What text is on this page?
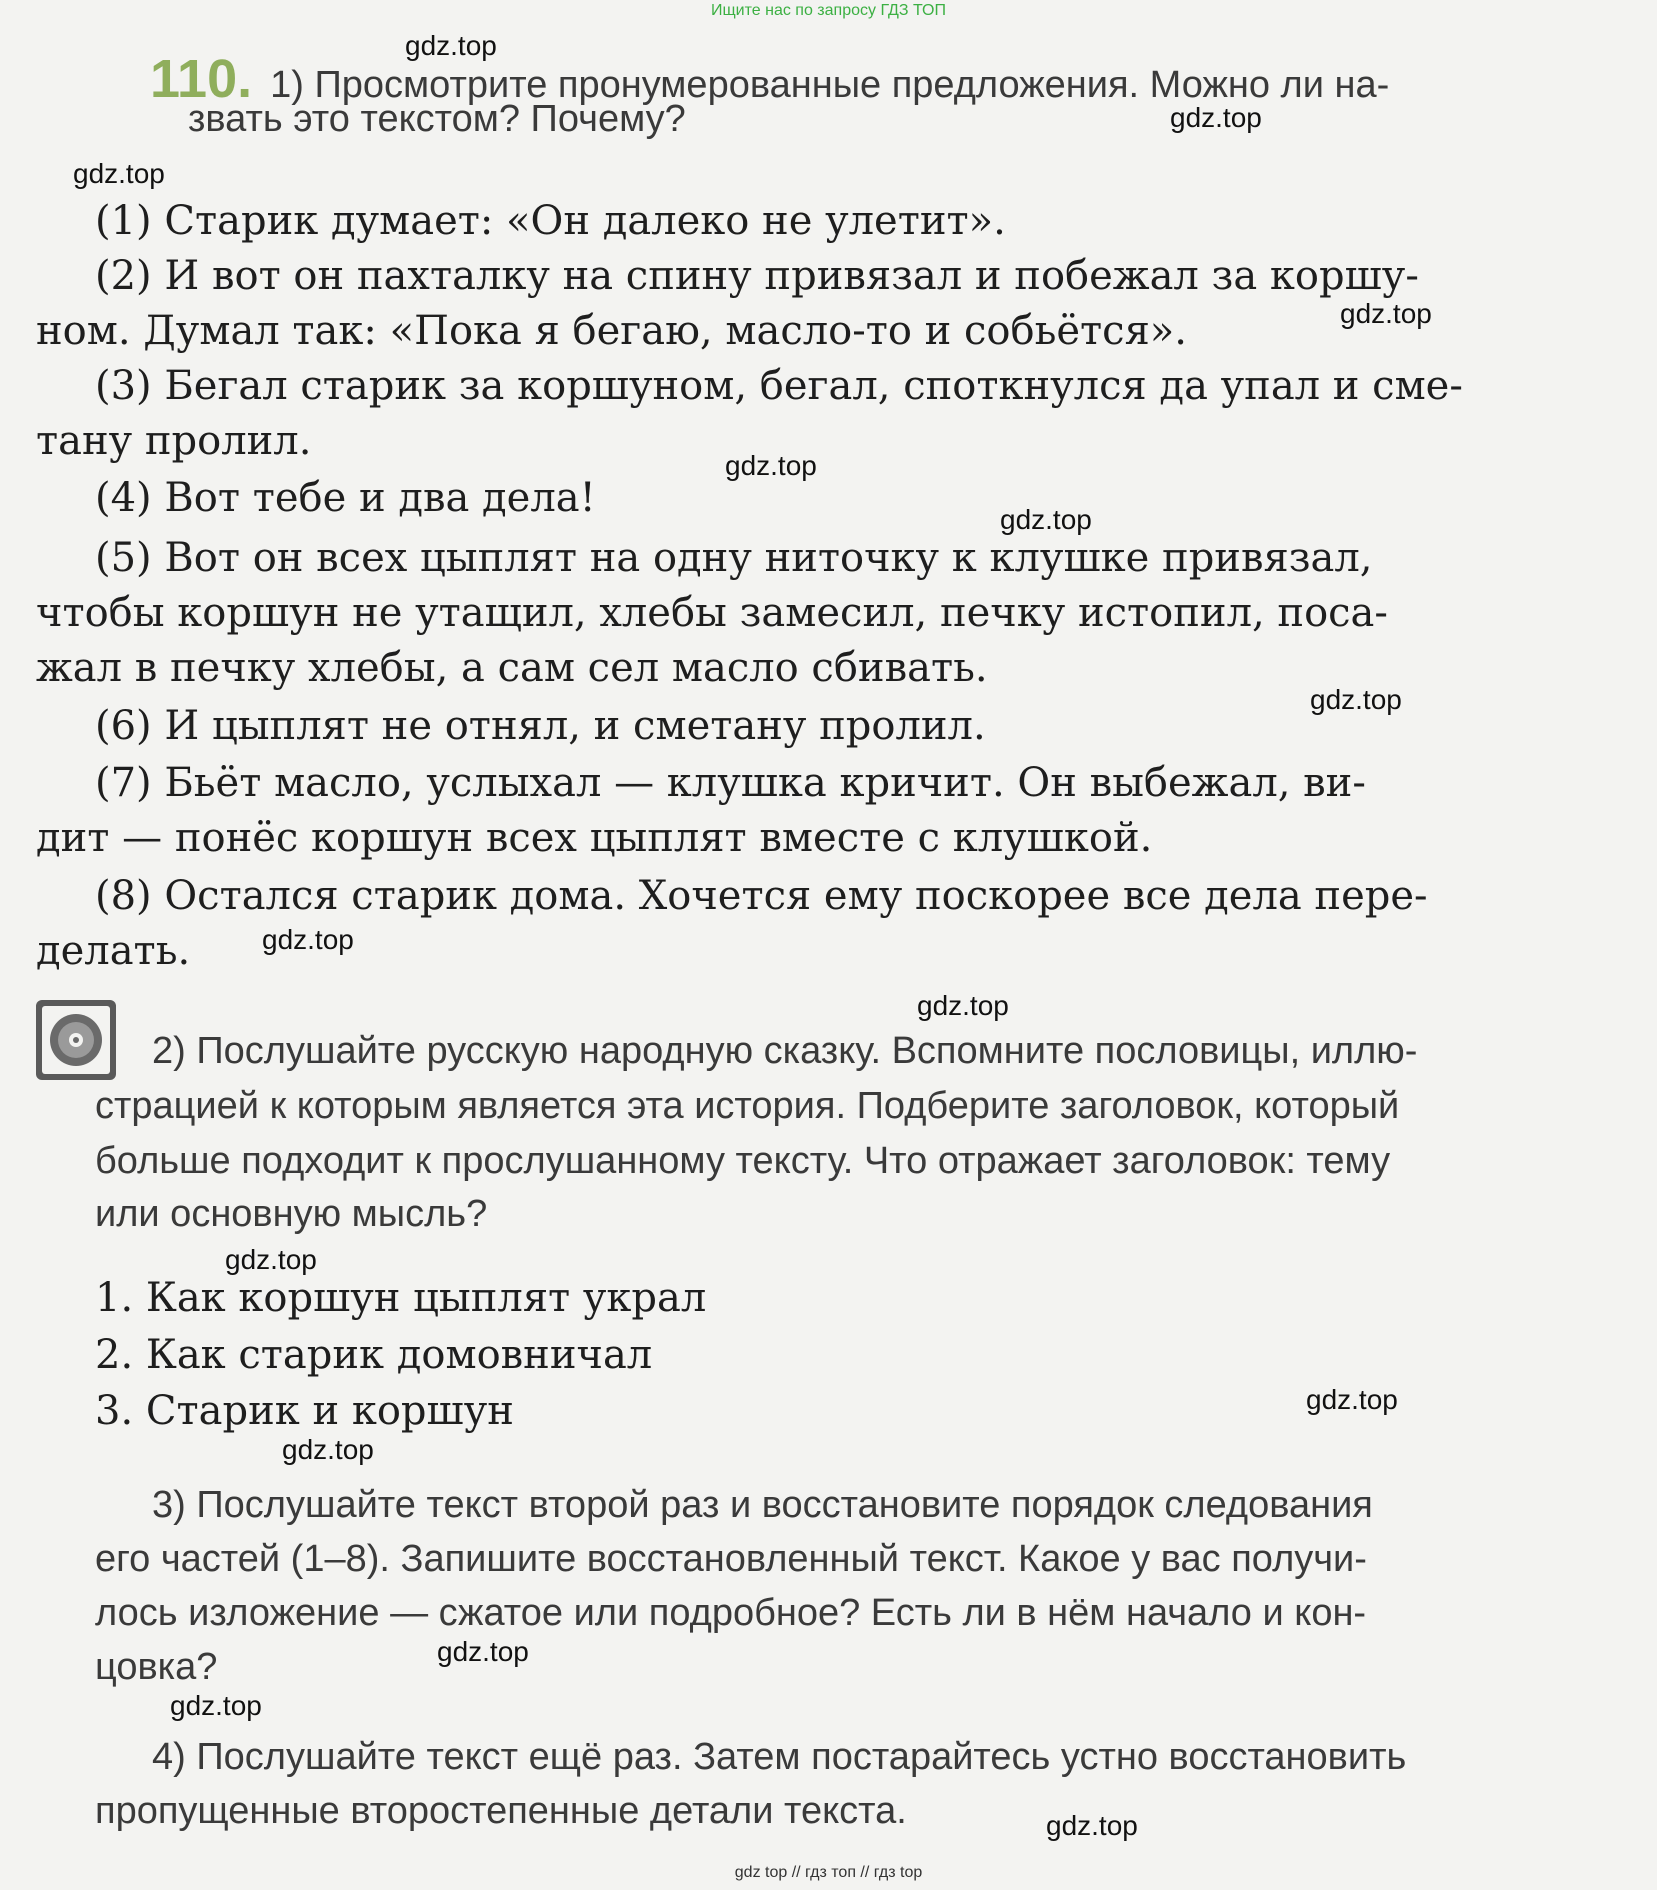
Ищите нас по запросу ГДЗ ТОП
110. 1) Просмотрите пронумерованные предложения. Можно ли на-
звать это текстом? Почему?
(1) Старик думает: «Он далеко не улетит».
(2) И вот он пахталку на спину привязал и побежал за коршу-
ном. Думал так: «Пока я бегаю, масло-то и собьётся».
(3) Бегал старик за коршуном, бегал, споткнулся да упал и сме-
тану пролил.
(4) Вот тебе и два дела!
(5) Вот он всех цыплят на одну ниточку к клушке привязал,
чтобы коршун не утащил, хлебы замесил, печку истопил, поса-
жал в печку хлебы, а сам сел масло сбивать.
(6) И цыплят не отнял, и сметану пролил.
(7) Бьёт масло, услыхал — клушка кричит. Он выбежал, ви-
дит — понёс коршун всех цыплят вместе с клушкой.
(8) Остался старик дома. Хочется ему поскорее все дела пере-
делать.
2) Послушайте русскую народную сказку. Вспомните пословицы, иллю-
страцией к которым является эта история. Подберите заголовок, который
больше подходит к прослушанному тексту. Что отражает заголовок: тему
или основную мысль?
1. Как коршун цыплят украл
2. Как старик домовничал
3. Старик и коршун
3) Послушайте текст второй раз и восстановите порядок следования
его частей (1–8). Запишите восстановленный текст. Какое у вас получи-
лось изложение — сжатое или подробное? Есть ли в нём начало и кон-
цовка?
4) Послушайте текст ещё раз. Затем постарайтесь устно восстановить
пропущенные второстепенные детали текста.
gdz.top
gdz.top
gdz.top
gdz.top
gdz.top
gdz.top
gdz.top
gdz.top
gdz.top
gdz.top
gdz.top
gdz.top
gdz.top
gdz.top
gdz.top
gdz top // гдз топ // гдз top
